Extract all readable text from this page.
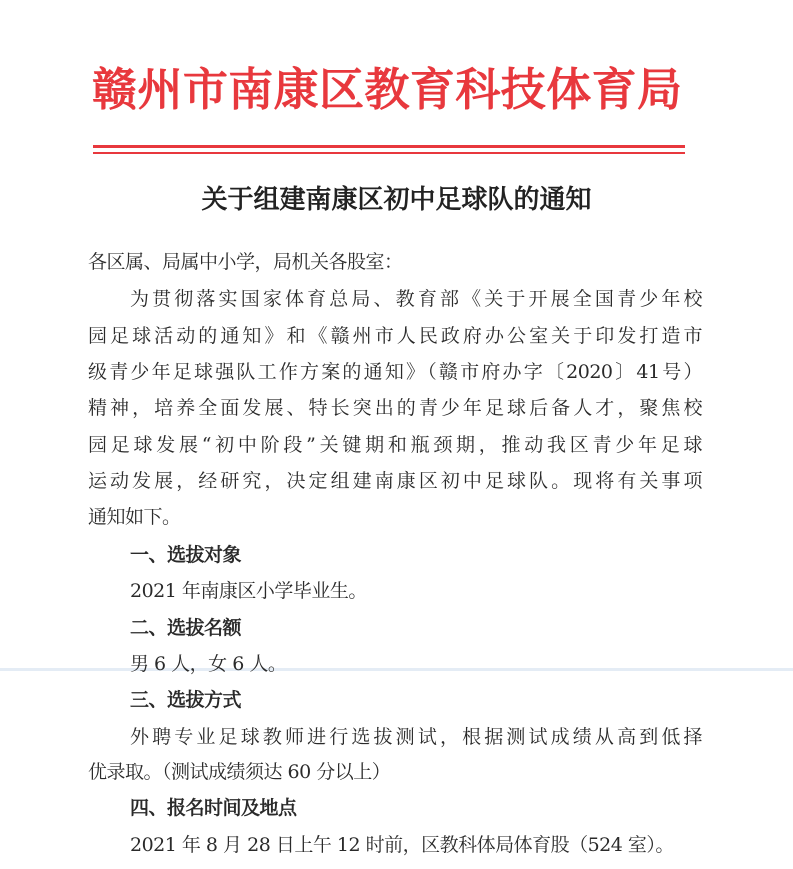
赣州市南康区教育科技体育局
关于组建南康区初中足球队的通知
各区属、局属中小学，局机关各股室：
为贯彻落实国家体育总局、教育部《关于开展全国青少年校
园足球活动的通知》和《赣州市人民政府办公室关于印发打造市
级青少年足球强队工作方案的通知》（赣市府办字〔2020〕41号）
精神，培养全面发展、特长突出的青少年足球后备人才，聚焦校
园足球发展“初中阶段”关键期和瓶颈期，推动我区青少年足球
运动发展，经研究，决定组建南康区初中足球队。现将有关事项
通知如下。
一、选拔对象
2021 年南康区小学毕业生。
二、选拔名额
男 6 人，女 6 人。
三、选拔方式
外聘专业足球教师进行选拔测试，根据测试成绩从高到低择
优录取。（测试成绩须达 60 分以上）
四、报名时间及地点
2021 年 8 月 28 日上午 12 时前，区教科体局体育股（524 室）。
